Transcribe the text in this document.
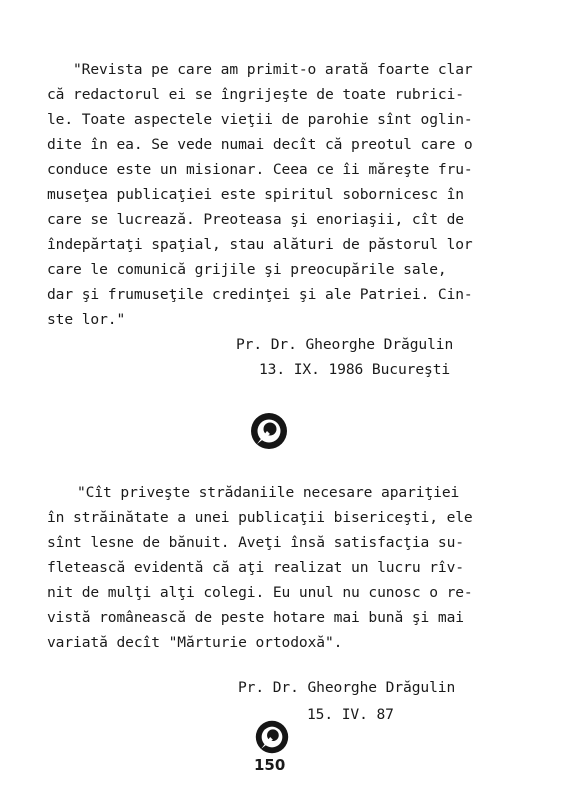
"Revista pe care am primit-o arată foarte clar
că redactorul ei se îngrijeşte de toate rubrici-
le. Toate aspectele vieţii de parohie sînt oglin-
dite în ea. Se vede numai decît că preotul care o
conduce este un misionar. Ceea ce îi măreşte fru-
museţea publicaţiei este spiritul sobornicesc în
care se lucrează. Preoteasa şi enoriaşii, cît de
îndepărtaţi spaţial, stau alături de păstorul lor
care le comunică grijile şi preocupările sale,
dar şi frumuseţile credinţei şi ale Patriei. Cin-
ste lor."
Pr. Dr. Gheorghe Drăgulin
13. IX. 1986 Bucureşti
"Cît priveşte strădaniile necesare apariţiei
în străinătate a unei publicaţii bisericeşti, ele
sînt lesne de bănuit. Aveţi însă satisfacţia su-
fletească evidentă că aţi realizat un lucru rîv-
nit de mulţi alţi colegi. Eu unul nu cunosc o re-
vistă românească de peste hotare mai bună şi mai
variată decît "Mărturie ortodoxă".
Pr. Dr. Gheorghe Drăgulin
15. IV. 87
150
